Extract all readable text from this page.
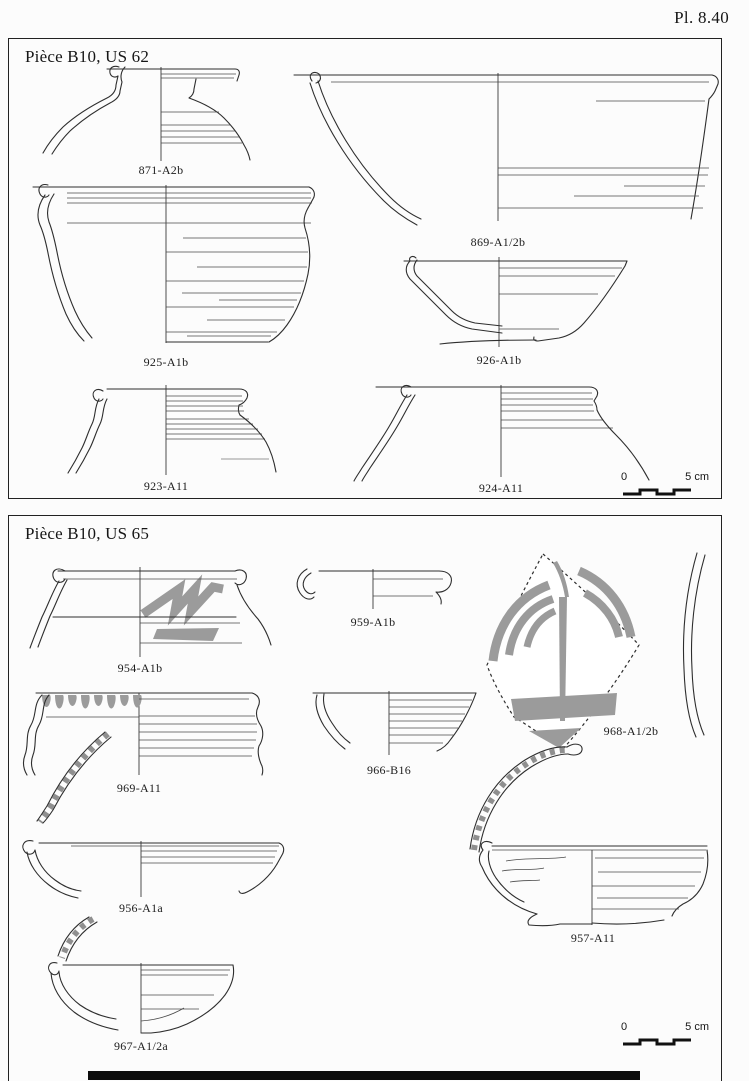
Pl. 8.40
Pièce B10, US 62
871-A2b
869-A1/2b
925-A1b	926-A1b
923-A11	924-A11
0	5 cm
Pièce B10, US 65
954-A1b
959-A1b
968-A1/2b
969-A11
966-B16
956-A1a
957-A11
967-A1/2a
0	5 cm
